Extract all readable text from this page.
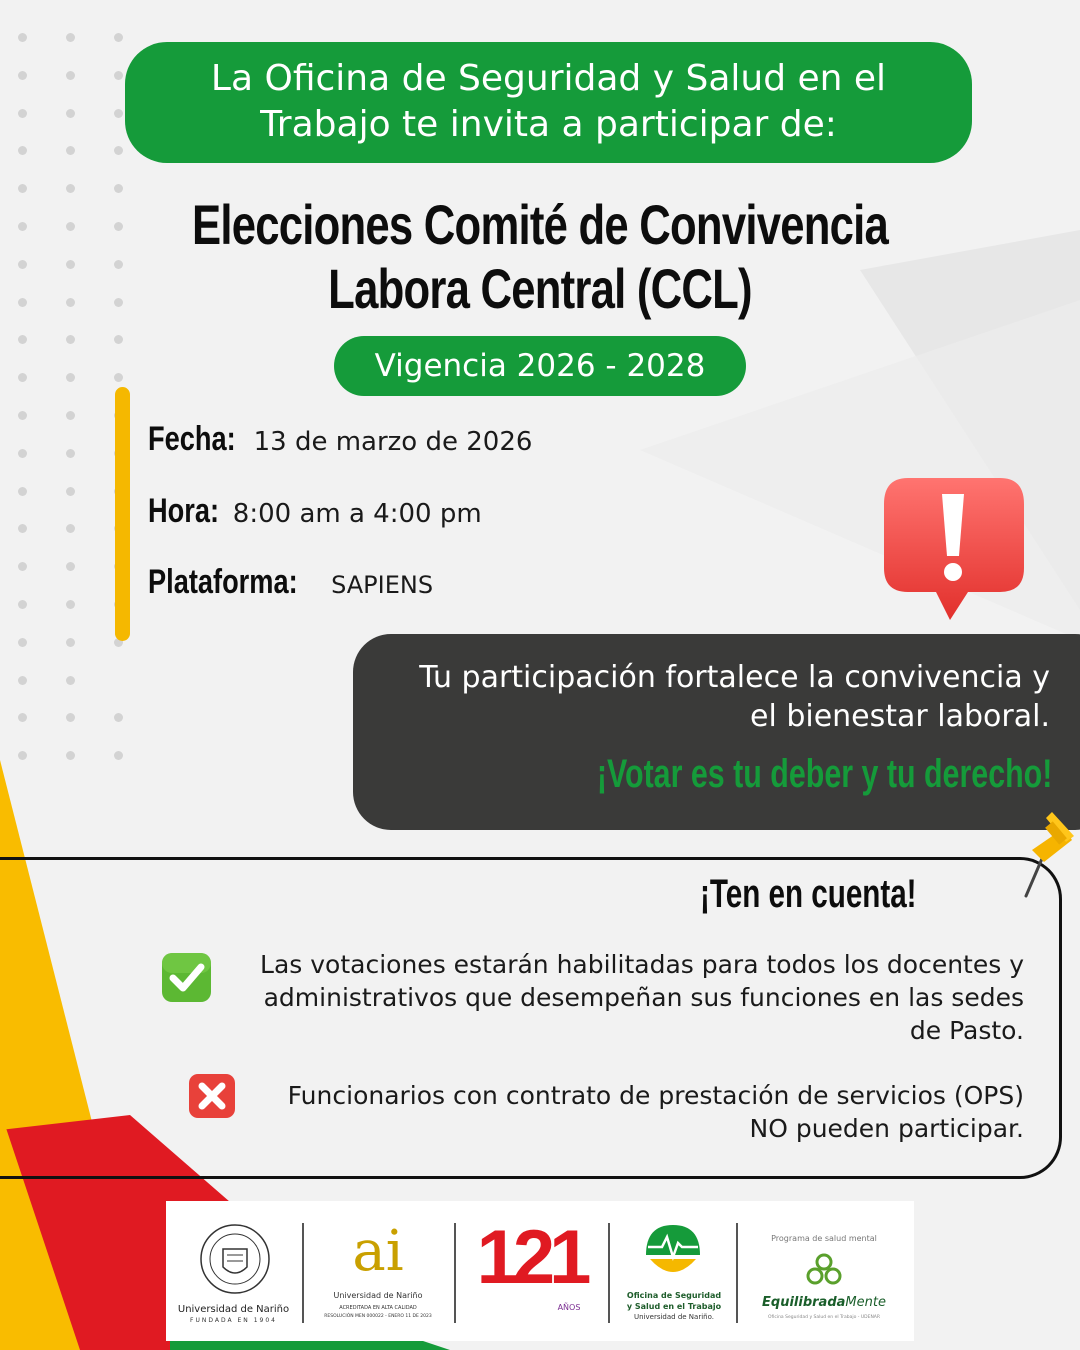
La Oficina de Seguridad y Salud en el
Trabajo te invita a participar de:
Elecciones Comité de Convivencia
Labora Central (CCL)
Vigencia 2026 - 2028
Fecha: 13 de marzo de 2026
Hora: 8:00 am a 4:00 pm
Plataforma: SAPIENS
Tu participación fortalece la convivencia y
el bienestar laboral.
¡Votar es tu deber y tu derecho!
¡Ten en cuenta!
Las votaciones estarán habilitadas para todos los docentes y
administrativos que desempeñan sus funciones en las sedes
de Pasto.
Funcionarios con contrato de prestación de servicios (OPS)
NO pueden participar.
Universidad de Nariño
FUNDADA EN 1904
ai
Universidad de Nariño
ACREDITADA EN ALTA CALIDAD
RESOLUCIÓN MEN 000022 - ENERO 11 DE 2023
121
AÑOS
Oficina de Seguridad
y Salud en el Trabajo
Universidad de Nariño.
Programa de salud mental
EquilibradaMente
Oficina Seguridad y Salud en el Trabajo - UDENAR
